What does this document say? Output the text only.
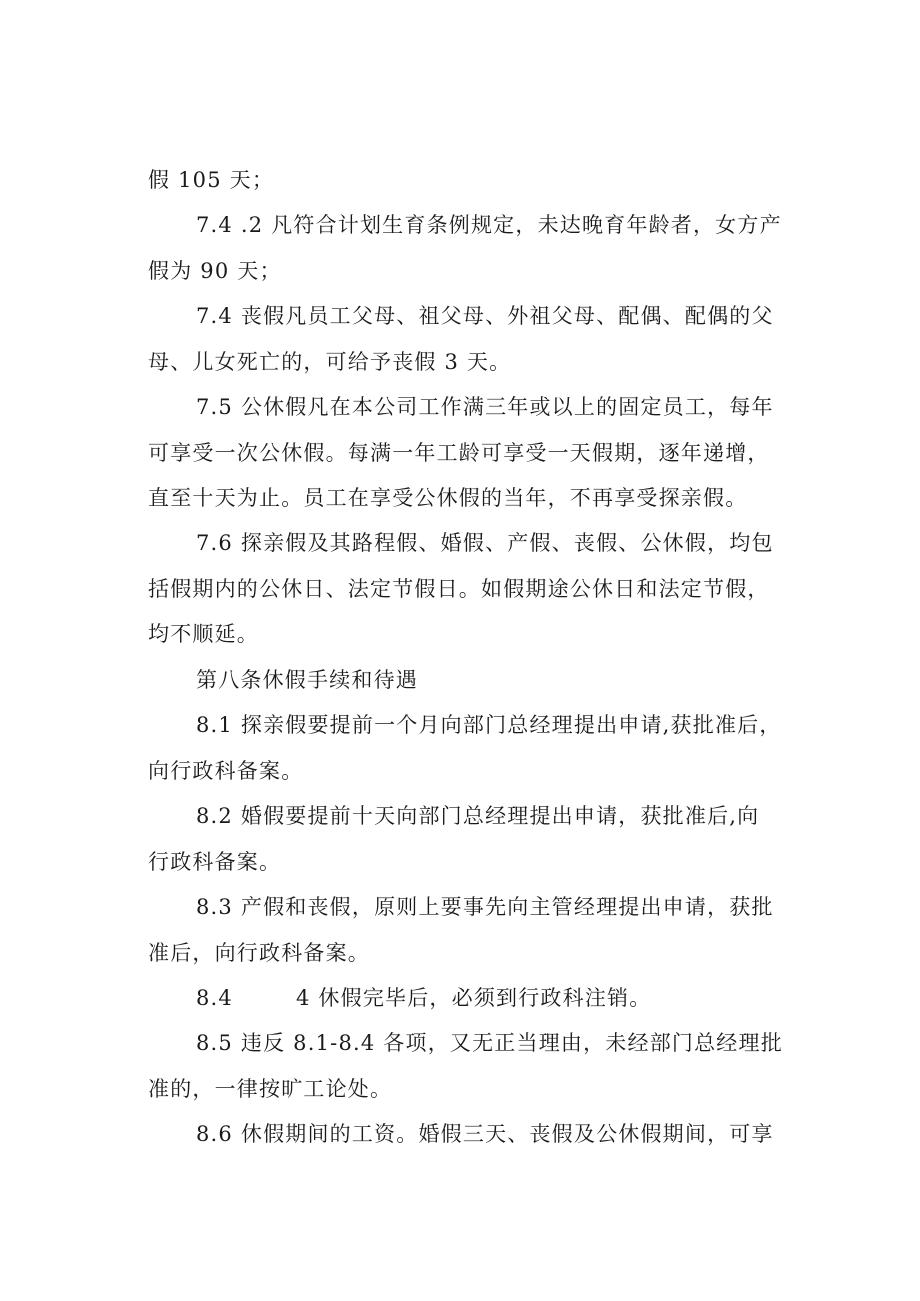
假 105 天；
7.4 .2 凡符合计划生育条例规定，未达晚育年龄者，女方产
假为 90 天；
7.4 丧假凡员工父母、祖父母、外祖父母、配偶、配偶的父
母、儿女死亡的，可给予丧假 3 天。
7.5 公休假凡在本公司工作满三年或以上的固定员工，每年
可享受一次公休假。每满一年工龄可享受一天假期，逐年递增，
直至十天为止。员工在享受公休假的当年，不再享受探亲假。
7.6 探亲假及其路程假、婚假、产假、丧假、公休假，均包
括假期内的公休日、法定节假日。如假期途公休日和法定节假，
均不顺延。
第八条休假手续和待遇
8.1 探亲假要提前一个月向部门总经理提出申请,获批准后，
向行政科备案。
8.2 婚假要提前十天向部门总经理提出申请，获批准后,向
行政科备案。
8.3 产假和丧假，原则上要事先向主管经理提出申请，获批
准后，向行政科备案。
8.4        4 休假完毕后，必须到行政科注销。
8.5 违反 8.1-8.4 各项，又无正当理由，未经部门总经理批
准的，一律按旷工论处。
8.6 休假期间的工资。婚假三天、丧假及公休假期间，可享
